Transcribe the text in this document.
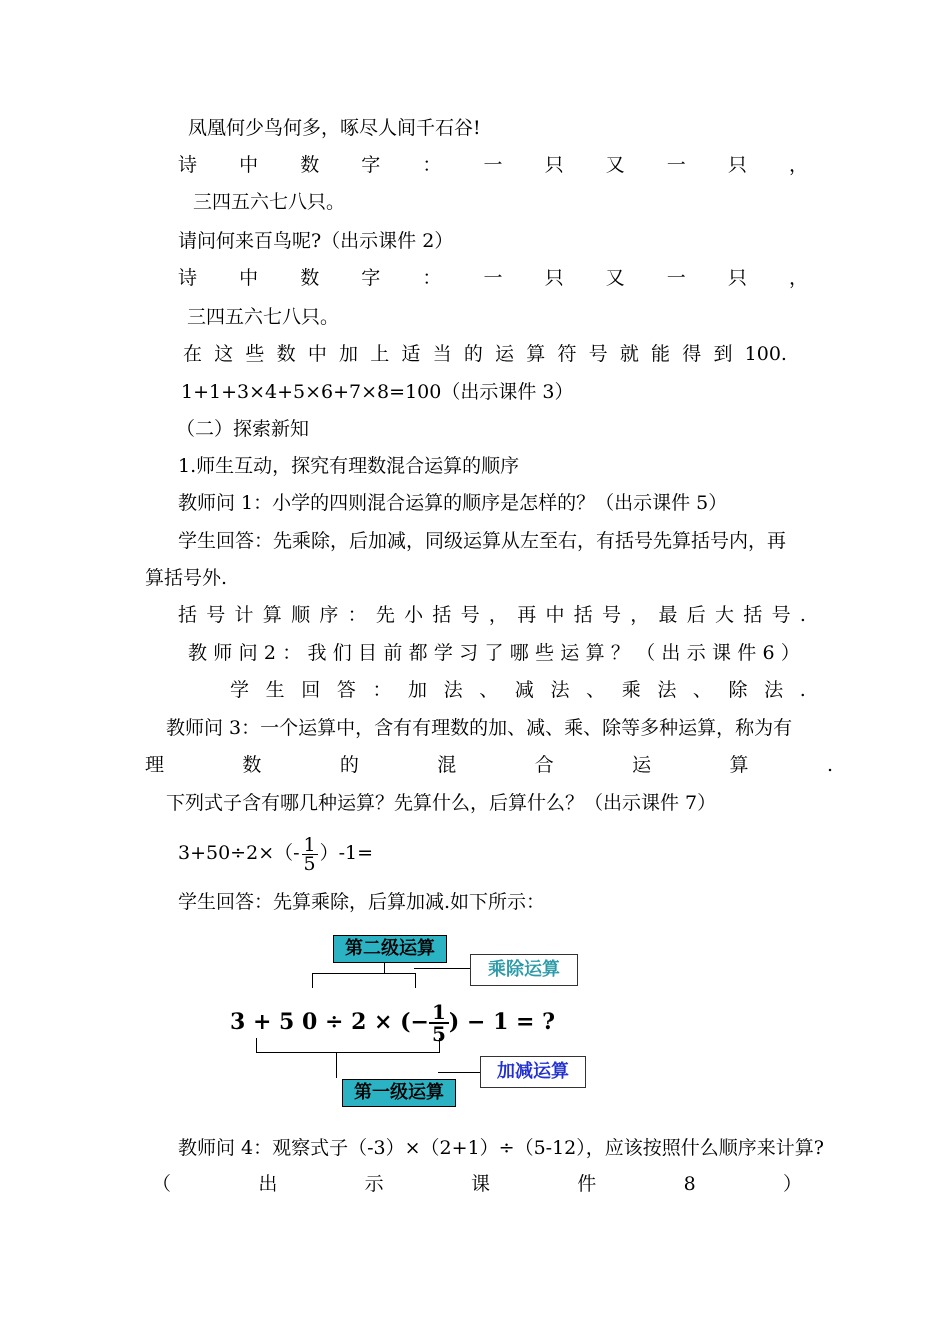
凤凰何少鸟何多，啄尽人间千石谷!
诗 中 数 字 ： 一 只 又 一 只 ，
三四五六七八只。
请问何来百鸟呢?（出示课件 2）
诗 中 数 字 ： 一 只 又 一 只 ，
三四五六七八只。
在 这 些 数 中 加 上 适 当 的 运 算 符 号 就 能 得 到 100.
1+1+3×4+5×6+7×8=100（出示课件 3）
（二）探索新知
1.师生互动，探究有理数混合运算的顺序
教师问 1：小学的四则混合运算的顺序是怎样的？（出示课件 5）
学生回答：先乘除，后加减，同级运算从左至右，有括号先算括号内，再
算括号外.
括 号 计 算 顺 序 ： 先 小 括 号 ， 再 中 括 号 ， 最 后 大 括 号 .
教 师 问 2 ： 我 们 目 前 都 学 习 了 哪 些 运 算 ？ （ 出 示 课 件 6 ）
学 生 回 答 ： 加 法 、 减 法 、 乘 法 、 除 法 .
教师问 3：一个运算中，含有有理数的加、减、乘、除等多种运算，称为有
理	数	的	混	合	运	算	.
下列式子含有哪几种运算？先算什么，后算什么？（出示课件 7）
$3+50\div 2\times(- \frac{1}{5} )-1=$
学生回答：先算乘除，后算加减.如下所示：
第二级运算
乘除运算
3 + 5 0 ÷ 2 × (− $\frac{1}{5}$ ) − 1 = ?
加减运算
第一级运算
教师问 4：观察式子（-3）×（2+1）÷（5-12），应该按照什么顺序来计算?
（	出	示	课	件	8	）
